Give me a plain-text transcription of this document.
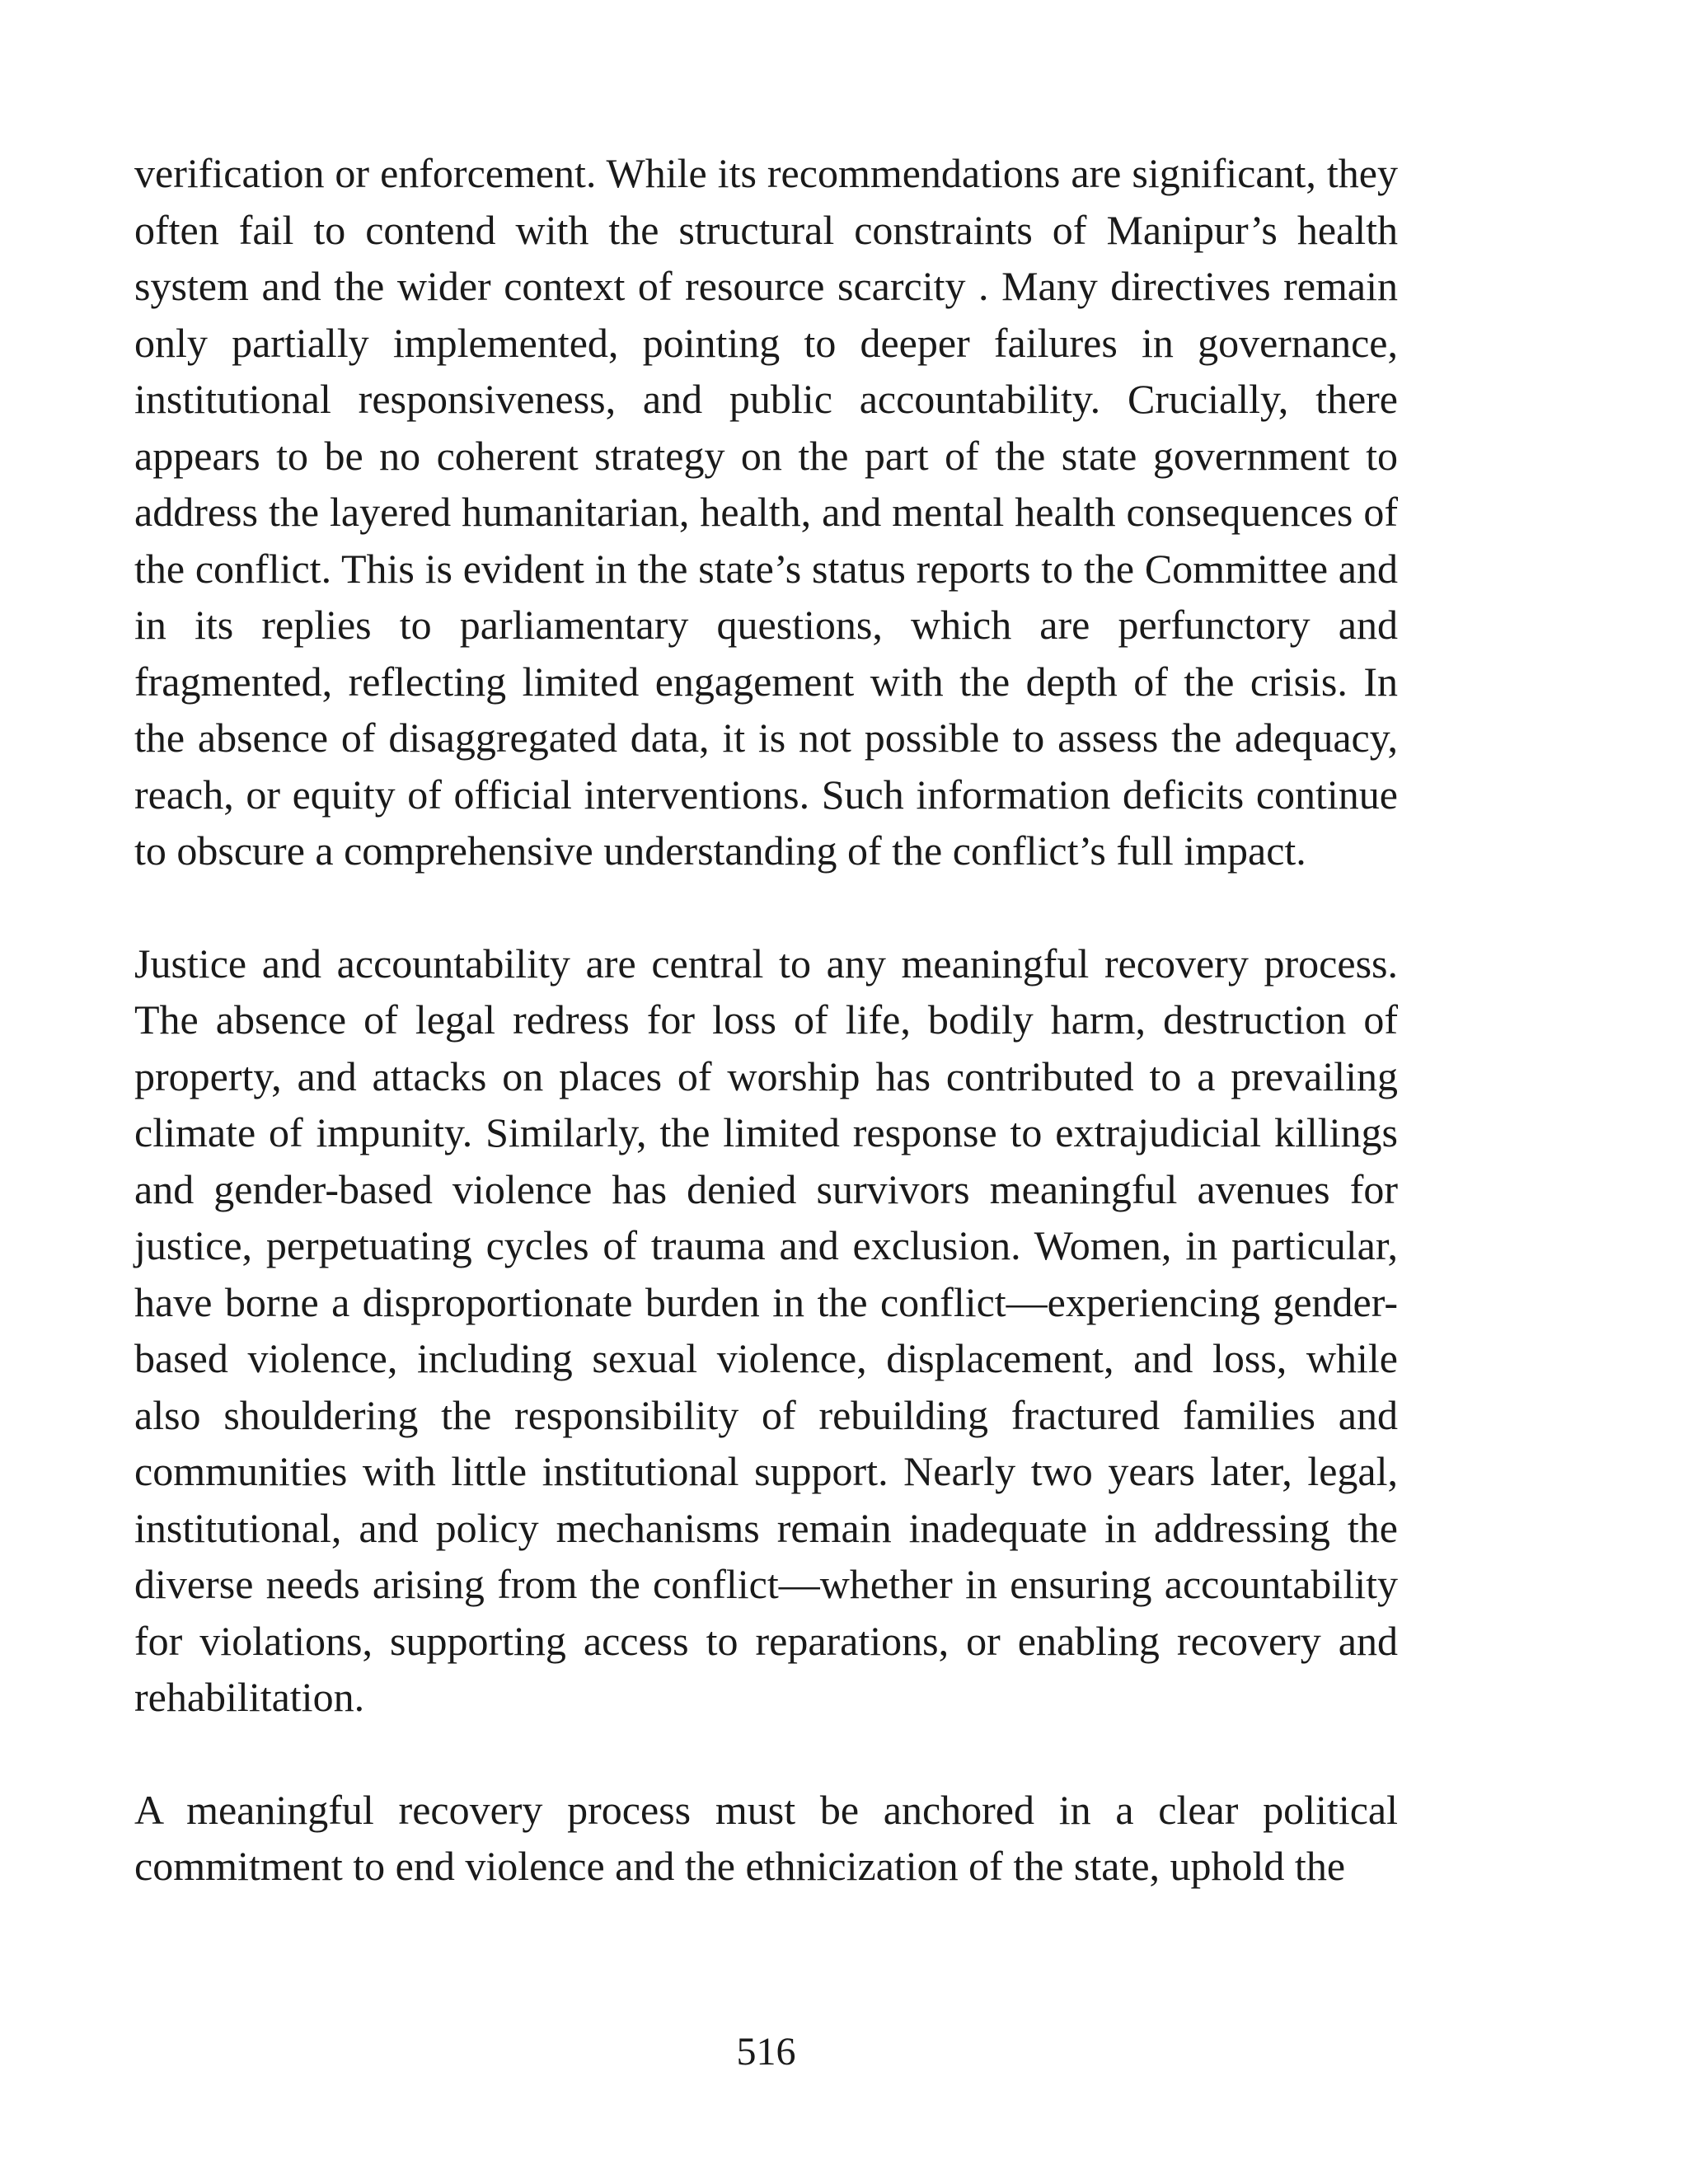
verification or enforcement. While its recommendations are significant, they often fail to contend with the structural constraints of Manipur’s health system and the wider context of resource scarcity . Many directives remain only partially implemented, pointing to deeper failures in governance, institutional responsiveness, and public accountability. Crucially, there appears to be no coherent strategy on the part of the state government to address the layered humanitarian, health, and mental health consequences of the conflict. This is evident in the state’s status reports to the Committee and in its replies to parliamentary questions, which are perfunctory and fragmented, reflecting limited engagement with the depth of the crisis. In the absence of disaggregated data, it is not possible to assess the adequacy, reach, or equity of official interventions. Such information deficits continue to obscure a comprehensive understanding of the conflict’s full impact.

Justice and accountability are central to any meaningful recovery process. The absence of legal redress for loss of life, bodily harm, destruction of property, and attacks on places of worship has contributed to a prevailing climate of impunity. Similarly, the limited response to extrajudicial killings and gender-based violence has denied survivors meaningful avenues for justice, perpetuating cycles of trauma and exclusion. Women, in particular, have borne a disproportionate burden in the conflict—experiencing gender-based violence, including sexual violence, displacement, and loss, while also shouldering the responsibility of rebuilding fractured families and communities with little institutional support. Nearly two years later, legal, institutional, and policy mechanisms remain inadequate in addressing the diverse needs arising from the conflict—whether in ensuring accountability for violations, supporting access to reparations, or enabling recovery and rehabilitation.

A meaningful recovery process must be anchored in a clear political commitment to end violence and the ethnicization of the state, uphold the

516
